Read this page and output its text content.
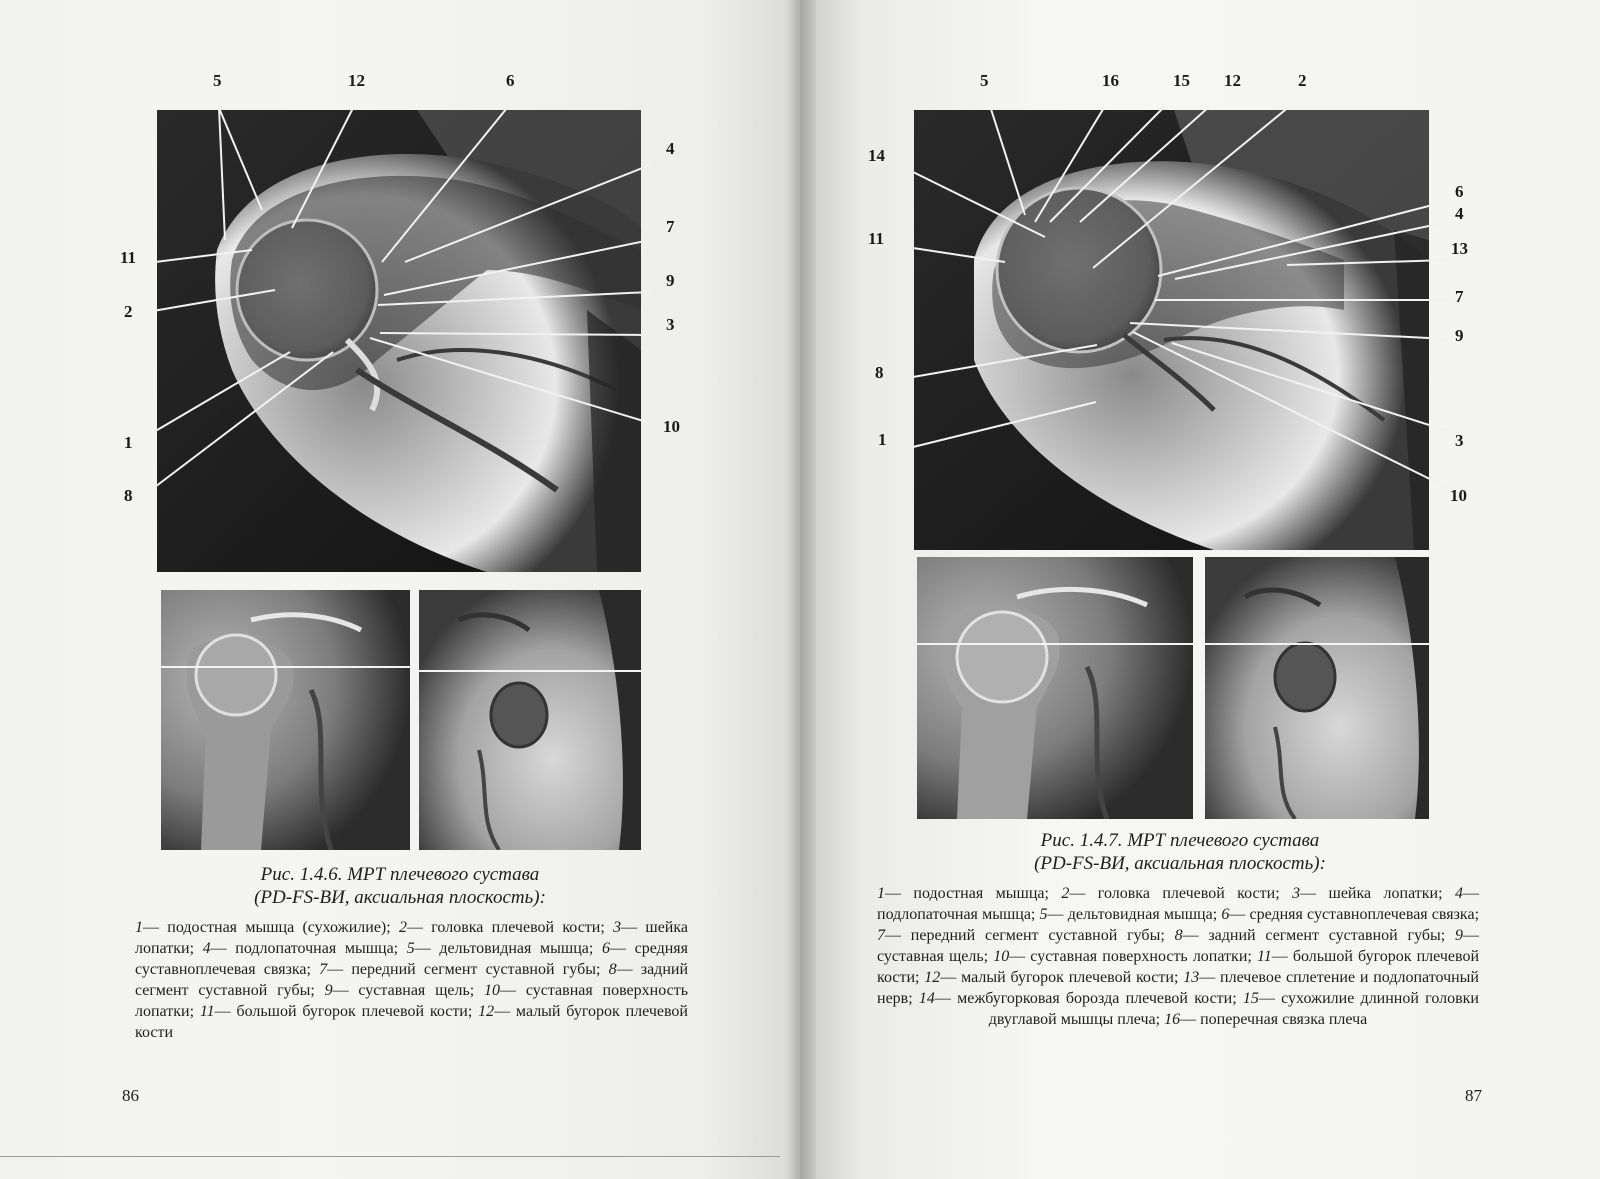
5	12	6
4
7
9
3
10
11
2
1
8
Рис. 1.4.6. МРТ плечевого сустава
(PD-FS-ВИ, аксиальная плоскость):
1— подостная мышца (сухожилие); 2— головка плечевой кости; 3— шейка лопатки; 4— подлопаточная мышца; 5— дельтовидная мышца; 6— средняя суставноплечевая связка; 7— передний сегмент суставной губы; 8— задний сегмент суставной губы; 9— суставная щель; 10— суставная поверхность лопатки; 11— большой бугорок плечевой кости; 12— малый бугорок плечевой кости
86
5	16	15 12	2
14
11
6
4
13
7
9
8
1	3
10
Рис. 1.4.7. МРТ плечевого сустава
(PD-FS-ВИ, аксиальная плоскость):
1— подостная мышца; 2— головка плечевой кости; 3— шейка лопатки; 4— подлопаточная мышца; 5— дельтовидная мышца; 6— средняя суставноплечевая связка; 7— передний сегмент суставной губы; 8— задний сегмент суставной губы; 9— суставная щель; 10— суставная поверхность лопатки; 11— большой бугорок плечевой кости; 12— малый бугорок плечевой кости; 13— плечевое сплетение и подлопаточный нерв; 14— межбугорковая борозда плечевой кости; 15— сухожилие длинной головки двуглавой мышцы плеча; 16— поперечная связка плеча
87
